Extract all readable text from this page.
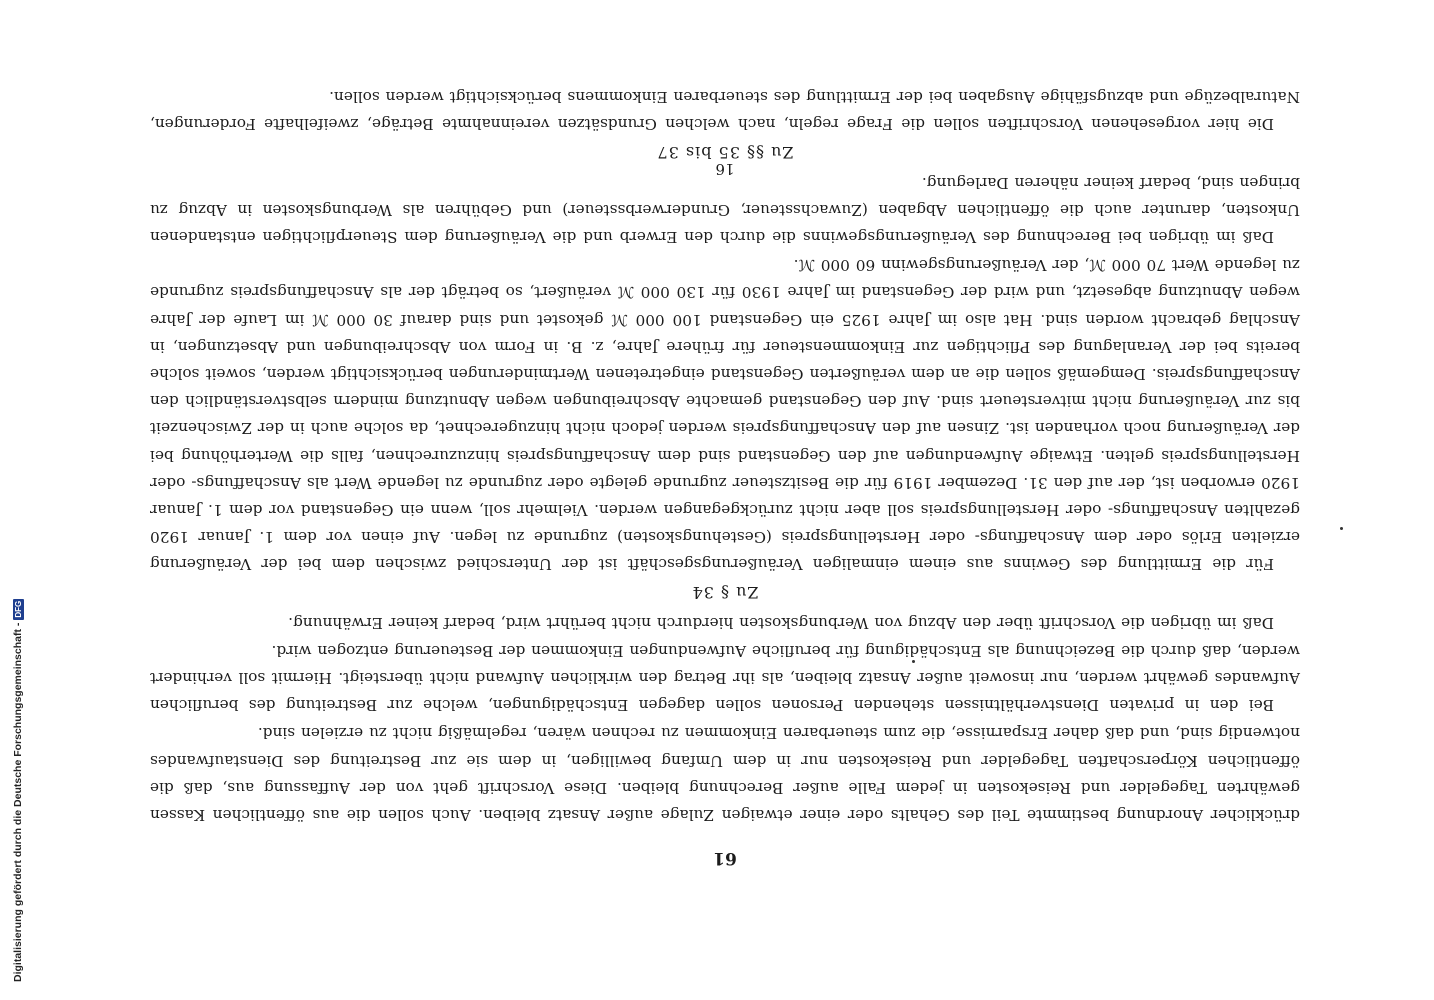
61

drücklicher Anordnung bestimmte Teil des Gehalts oder einer etwaigen Zulage außer Ansatz bleiben. Auch sollen die aus öffentlichen Kassen gewährten Tagegelder und Reisekosten in jedem Falle außer Berechnung bleiben. Diese Vorschrift geht von der Auffassung aus, daß die öffentlichen Körperschaften Tagegelder und Reisekosten nur in dem Umfang bewilligen, in dem sie zur Bestreitung des Dienstaufwandes notwendig sind, und daß daher Ersparnisse, die zum steuerbaren Einkommen zu rechnen wären, regelmäßig nicht zu erzielen sind.

Bei den in privaten Dienstverhältnissen stehenden Personen sollen dagegen Entschädigungen, welche zur Bestreitung des beruflichen Aufwandes gewährt werden, nur insoweit außer Ansatz bleiben, als ihr Betrag den wirklichen Aufwand nicht übersteigt. Hiermit soll verhindert werden, daß durch die Bezeichnung als Entschädigung für berufliche Aufwendungen Einkommen der Besteuerung entzogen wird.

Daß im übrigen die Vorschrift über den Abzug von Werbungskosten hierdurch nicht berührt wird, bedarf keiner Erwähnung.

Zu § 34

Für die Ermittlung des Gewinns aus einem einmaligen Veräußerungsgeschäft ist der Unterschied zwischen dem bei der Veräußerung erzielten Erlös oder dem Anschaffungs- oder Herstellungspreis (Gestehungskosten) zugrunde zu legen. Auf einen vor dem 1. Januar 1920 gezahlten Anschaffungs- oder Herstellungspreis soll aber nicht zurückgegangen werden. Vielmehr soll, wenn ein Gegenstand vor dem 1. Januar 1920 erworben ist, der auf den 31. Dezember 1919 für die Besitzsteuer zugrunde gelegte oder zugrunde zu legende Wert als Anschaffungs- oder Herstellungspreis gelten. Etwaige Aufwendungen auf den Gegenstand sind dem Anschaffungspreis hinzuzurechnen, falls die Werterhöhung bei der Veräußerung noch vorhanden ist. Zinsen auf den Anschaffungspreis werden jedoch nicht hinzugerechnet, da solche auch in der Zwischenzeit bis zur Veräußerung nicht mitversteuert sind. Auf den Gegenstand gemachte Abschreibungen wegen Abnutzung mindern selbstverständlich den Anschaffungspreis. Demgemäß sollen die an dem veräußerten Gegenstand eingetretenen Wertminderungen berücksichtigt werden, soweit solche bereits bei der Veranlagung des Pflichtigen zur Einkommensteuer für frühere Jahre, z. B. in Form von Abschreibungen und Absetzungen, in Anschlag gebracht worden sind. Hat also im Jahre 1925 ein Gegenstand 100 000 ℳ gekostet und sind darauf 30 000 ℳ im Laufe der Jahre wegen Abnutzung abgesetzt, und wird der Gegenstand im Jahre 1930 für 130 000 ℳ veräußert, so beträgt der als Anschaffungspreis zugrunde zu legende Wert 70 000 ℳ, der Veräußerungsgewinn 60 000 ℳ.

Daß im übrigen bei Berechnung des Veräußerungsgewinns die durch den Erwerb und die Veräußerung dem Steuerpflichtigen entstandenen Unkosten, darunter auch die öffentlichen Abgaben (Zuwachssteuer, Grunderwerbssteuer) und Gebühren als Werbungskosten in Abzug zu bringen sind, bedarf keiner näheren Darlegung.

Zu §§ 35 bis 37

Die hier vorgesehenen Vorschriften sollen die Frage regeln, nach welchen Grundsätzen vereinnahmte Beträge, zweifelhafte Forderungen, Naturalbezüge und abzugsfähige Ausgaben bei der Ermittlung des steuerbaren Einkommens berücksichtigt werden sollen.

16
Digitalisierung gefördert durch die Deutsche Forschungsgemeinschaft -
DFG
